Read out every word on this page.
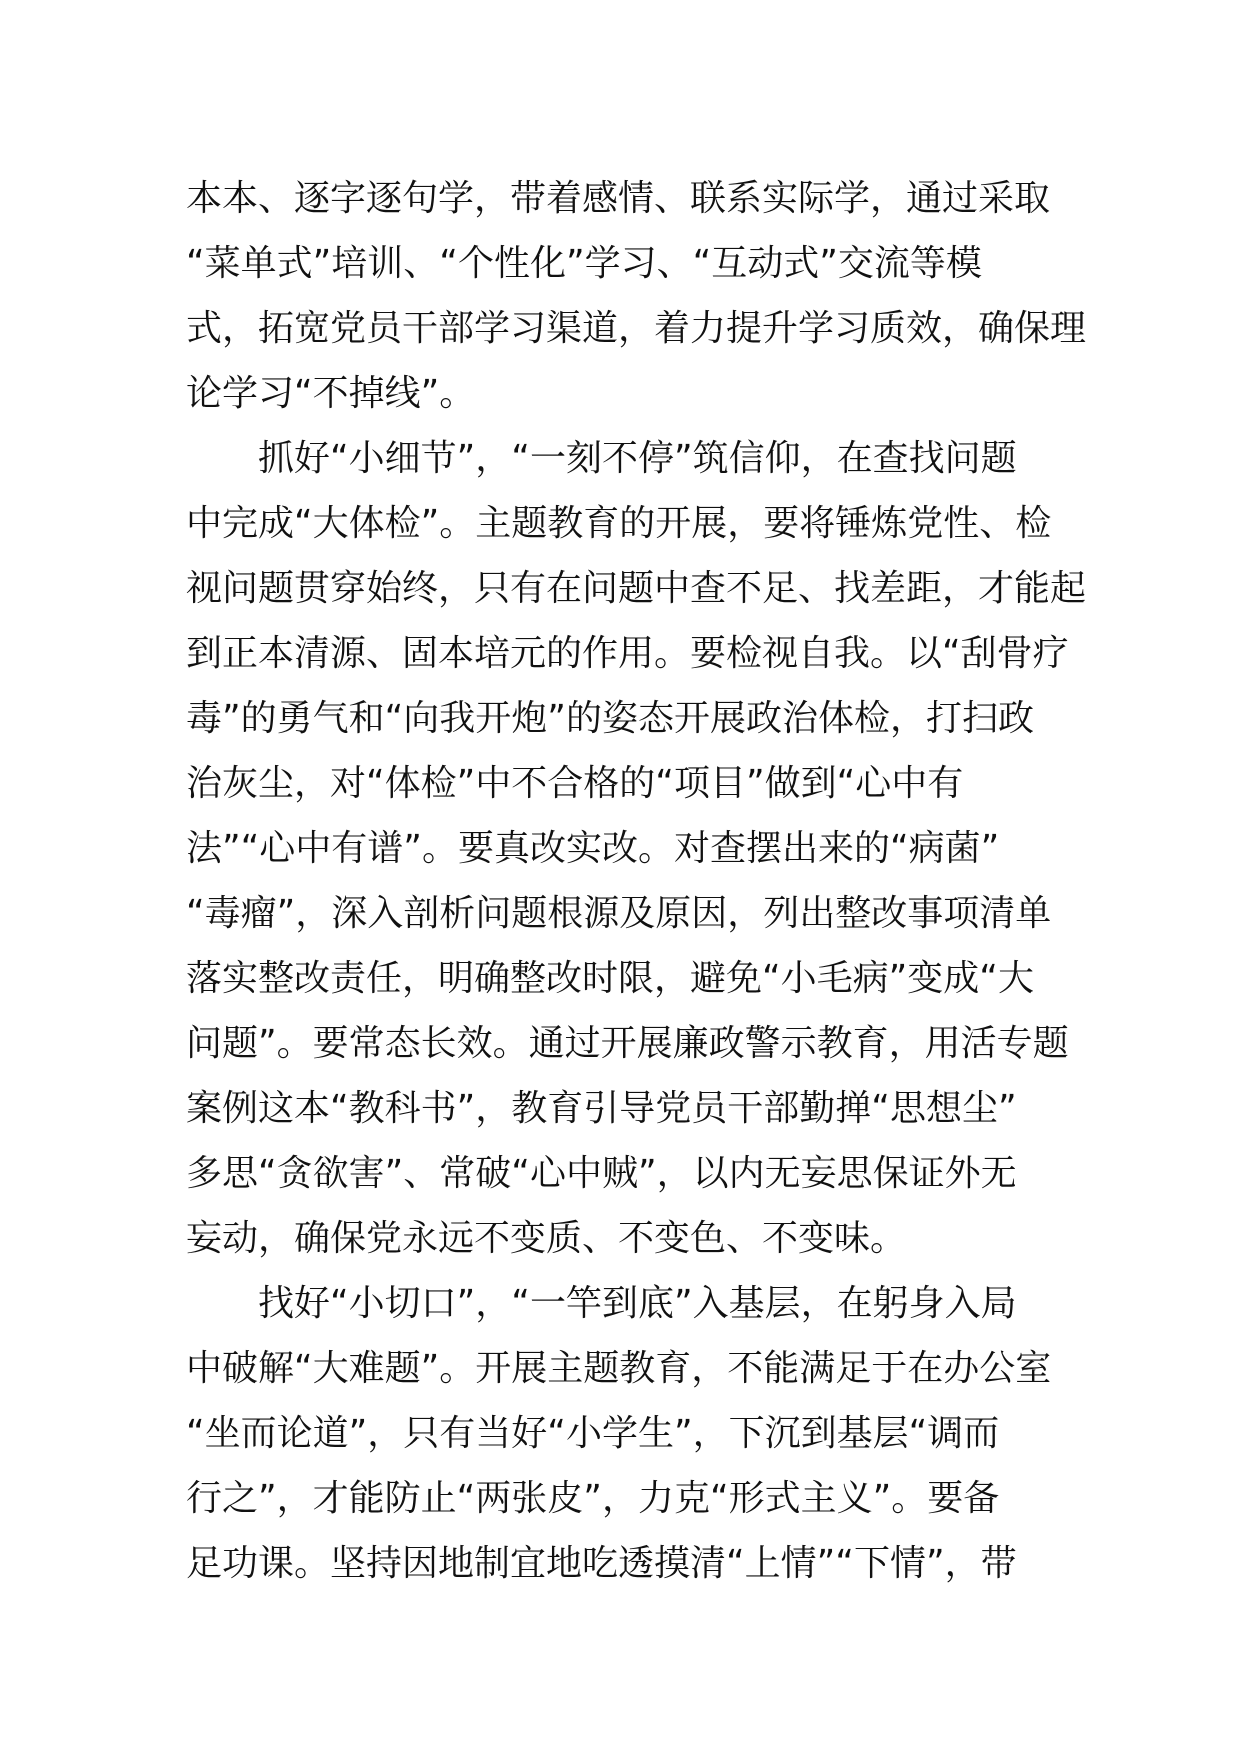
本本、逐字逐句学，带着感情、联系实际学，通过采取
“菜单式”培训、“个性化”学习、“互动式”交流等模
式，拓宽党员干部学习渠道，着力提升学习质效，确保理
论学习“不掉线”。
抓好“小细节”，“一刻不停”筑信仰，在查找问题
中完成“大体检”。主题教育的开展，要将锤炼党性、检
视问题贯穿始终，只有在问题中查不足、找差距，才能起
到正本清源、固本培元的作用。要检视自我。以“刮骨疗
毒”的勇气和“向我开炮”的姿态开展政治体检，打扫政
治灰尘，对“体检”中不合格的“项目”做到“心中有
法”“心中有谱”。要真改实改。对查摆出来的“病菌”
“毒瘤”，深入剖析问题根源及原因，列出整改事项清单
落实整改责任，明确整改时限，避免“小毛病”变成“大
问题”。要常态长效。通过开展廉政警示教育，用活专题
案例这本“教科书”，教育引导党员干部勤掸“思想尘”
多思“贪欲害”、常破“心中贼”，以内无妄思保证外无
妄动，确保党永远不变质、不变色、不变味。
找好“小切口”，“一竿到底”入基层，在躬身入局
中破解“大难题”。开展主题教育，不能满足于在办公室
“坐而论道”，只有当好“小学生”，下沉到基层“调而
行之”，才能防止“两张皮”，力克“形式主义”。要备
足功课。坚持因地制宜地吃透摸清“上情”“下情”，带
